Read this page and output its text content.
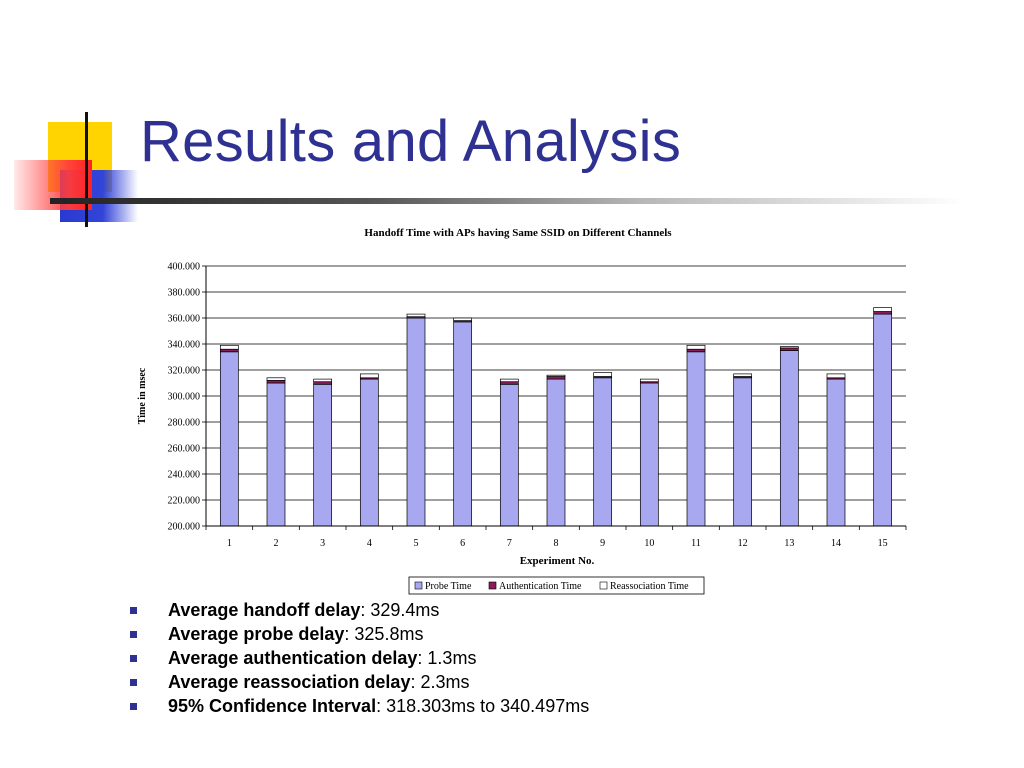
Results and Analysis
Handoff Time with APs having Same SSID on Different Channels
200.000
220.000
240.000
260.000
280.000
300.000
320.000
340.000
360.000
380.000
400.000
1	2	3	4	5	6	7	8	9	10	11	12	13	14	15
Experiment No.
Time in msec
Probe Time	Authentication Time	Reassociation Time
Average handoff delay: 329.4ms
Average probe delay: 325.8ms
Average authentication delay: 1.3ms
Average reassociation delay: 2.3ms
95% Confidence Interval: 318.303ms to 340.497ms
